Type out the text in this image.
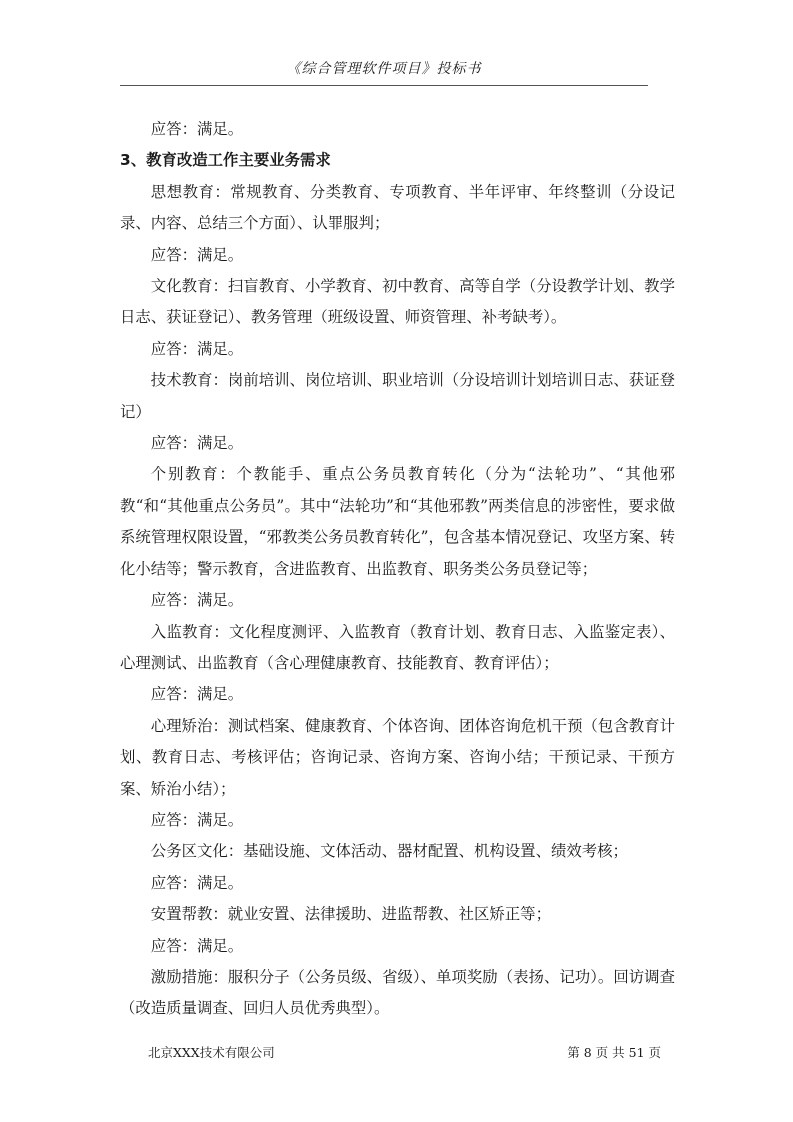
《综合管理软件项目》投标书

应答：满足。

3、教育改造工作主要业务需求

思想教育：常规教育、分类教育、专项教育、半年评审、年终整训（分设记录、内容、总结三个方面）、认罪服判；

应答：满足。

文化教育：扫盲教育、小学教育、初中教育、高等自学（分设教学计划、教学日志、获证登记）、教务管理（班级设置、师资管理、补考缺考）。

应答：满足。

技术教育：岗前培训、岗位培训、职业培训（分设培训计划培训日志、获证登记）

应答：满足。

个别教育：个教能手、重点公务员教育转化（分为“法轮功”、“其他邪教“和“其他重点公务员”。其中“法轮功”和“其他邪教”两类信息的涉密性，要求做系统管理权限设置，“邪教类公务员教育转化”，包含基本情况登记、攻坚方案、转化小结等；警示教育，含进监教育、出监教育、职务类公务员登记等；

应答：满足。

入监教育：文化程度测评、入监教育（教育计划、教育日志、入监鉴定表）、心理测试、出监教育（含心理健康教育、技能教育、教育评估）；

应答：满足。

心理矫治：测试档案、健康教育、个体咨询、团体咨询危机干预（包含教育计划、教育日志、考核评估；咨询记录、咨询方案、咨询小结；干预记录、干预方案、矫治小结）；

应答：满足。

公务区文化：基础设施、文体活动、器材配置、机构设置、绩效考核；

应答：满足。

安置帮教：就业安置、法律援助、进监帮教、社区矫正等；

应答：满足。

激励措施：服积分子（公务员级、省级）、单项奖励（表扬、记功）。回访调查（改造质量调查、回归人员优秀典型）。

北京XXX技术有限公司	第 8 页 共 51 页
